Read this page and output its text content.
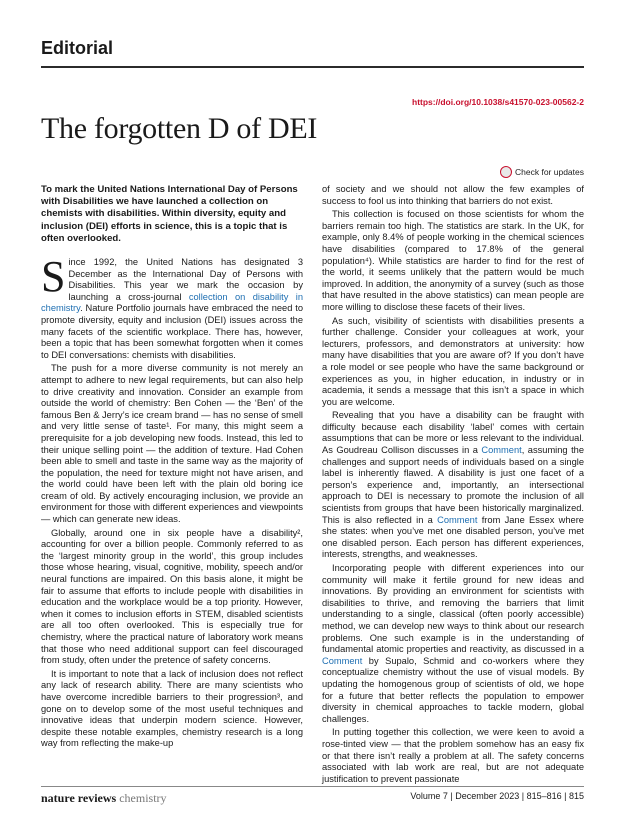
Editorial
https://doi.org/10.1038/s41570-023-00562-2
The forgotten D of DEI
Check for updates
To mark the United Nations International Day of Persons with Disabilities we have launched a collection on chemists with disabilities. Within diversity, equity and inclusion (DEI) efforts in science, this is a topic that is often overlooked.

Since 1992, the United Nations has designated 3 December as the International Day of Persons with Disabilities. This year we mark the occasion by launching a cross-journal collection on disability in chemistry. Nature Portfolio journals have embraced the need to promote diversity, equity and inclusion (DEI) issues across the many facets of the scientific workplace. There has, however, been a topic that has been somewhat forgotten when it comes to DEI conversations: chemists with disabilities.

The push for a more diverse community is not merely an attempt to adhere to new legal requirements, but can also help to drive creativity and innovation. Consider an example from outside the world of chemistry: Ben Cohen — the ‘Ben’ of the famous Ben & Jerry’s ice cream brand — has no sense of smell and very little sense of taste¹. For many, this might seem a prerequisite for a job developing new foods. Instead, this led to their unique selling point — the addition of texture. Had Cohen been able to smell and taste in the same way as the majority of the population, the need for texture might not have arisen, and the world could have been left with the plain old boring ice cream of old. By actively encouraging inclusion, we provide an environment for those with different experiences and viewpoints — which can generate new ideas.

Globally, around one in six people have a disability², accounting for over a billion people. Commonly referred to as the ‘largest minority group in the world’, this group includes those whose hearing, visual, cognitive, mobility, speech and/or neural functions are impaired. On this basis alone, it might be fair to assume that efforts to include people with disabilities in education and the workplace would be a top priority. However, when it comes to inclusion efforts in STEM, disabled scientists are all too often overlooked. This is especially true for chemistry, where the practical nature of laboratory work means that those who need additional support can feel discouraged from study, often under the pretence of safety concerns.

It is important to note that a lack of inclusion does not reflect any lack of research ability. There are many scientists who have overcome incredible barriers to their progression³, and gone on to develop some of the most useful techniques and innovative ideas that underpin modern science. However, despite these notable examples, chemistry research is a long way from reflecting the make-up

of society and we should not allow the few examples of success to fool us into thinking that barriers do not exist.

This collection is focused on those scientists for whom the barriers remain too high. The statistics are stark. In the UK, for example, only 8.4% of people working in the chemical sciences have disabilities (compared to 17.8% of the general population⁴). While statistics are harder to find for the rest of the world, it seems unlikely that the pattern would be much improved. In addition, the anonymity of a survey (such as those that have resulted in the above statistics) can mean people are more willing to disclose these facets of their lives.

As such, visibility of scientists with disabilities presents a further challenge. Consider your colleagues at work, your lecturers, professors, and demonstrators at university: how many have disabilities that you are aware of? If you don’t have a role model or see people who have the same background or experiences as you, in higher education, in industry or in academia, it sends a message that this isn’t a space in which you are welcome.

Revealing that you have a disability can be fraught with difficulty because each disability ‘label’ comes with certain assumptions that can be more or less relevant to the individual. As Goudreau Collison discusses in a Comment, assuming the challenges and support needs of individuals based on a single label is inherently flawed. A disability is just one facet of a person’s experience and, importantly, an intersectional approach to DEI is necessary to promote the inclusion of all scientists from groups that have been historically marginalized. This is also reflected in a Comment from Jane Essex where she states: when you’ve met one disabled person, you’ve met one disabled person. Each person has different experiences, interests, strengths, and weaknesses.

Incorporating people with different experiences into our community will make it fertile ground for new ideas and innovations. By providing an environment for scientists with disabilities to thrive, and removing the barriers that limit understanding to a single, classical (often poorly accessible) method, we can develop new ways to think about our research problems. One such example is in the understanding of fundamental atomic properties and reactivity, as discussed in a Comment by Supalo, Schmid and co-workers where they conceptualize chemistry without the use of visual models. By updating the homogenous group of scientists of old, we hope for a future that better reflects the population to empower diversity in chemical approaches to tackle modern, global challenges.

In putting together this collection, we were keen to avoid a rose-tinted view — that the problem somehow has an easy fix or that there isn’t really a problem at all. The safety concerns associated with lab work are real, but are not adequate justification to prevent passionate

nature reviews chemistry	Volume 7 | December 2023 | 815–816 | 815
